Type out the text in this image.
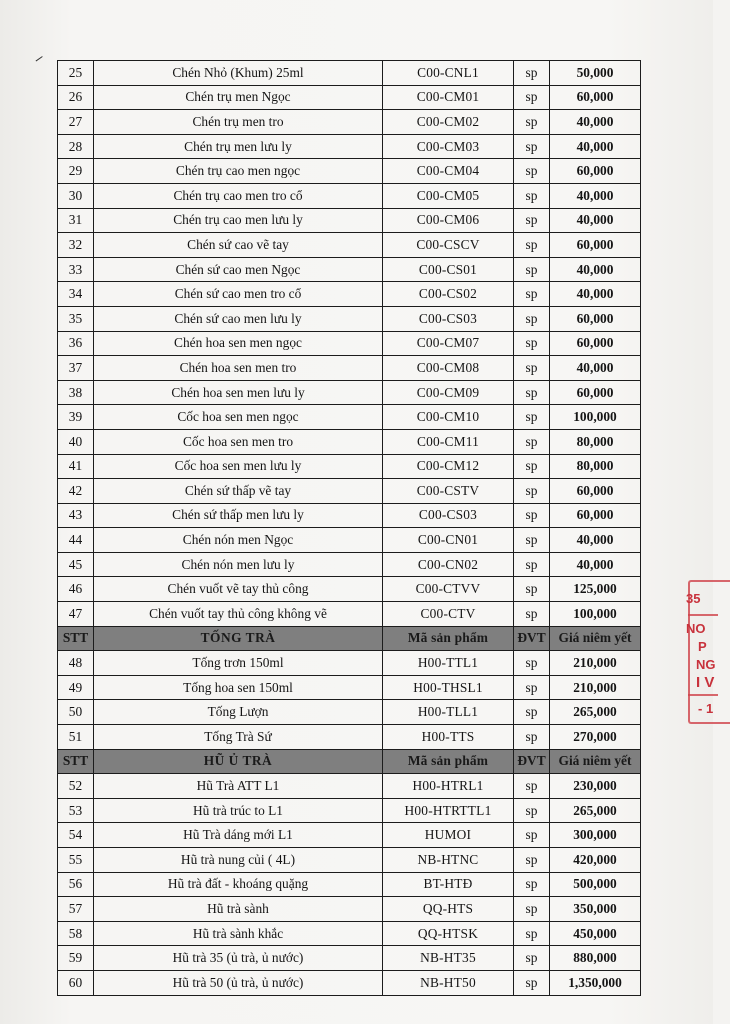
25	Chén Nhỏ (Khum) 25ml	C00-CNL1	sp	50,000
26	Chén trụ men Ngọc	C00-CM01	sp	60,000
27	Chén trụ men tro	C00-CM02	sp	40,000
28	Chén trụ men lưu ly	C00-CM03	sp	40,000
29	Chén trụ cao men ngọc	C00-CM04	sp	60,000
30	Chén trụ cao men tro cổ	C00-CM05	sp	40,000
31	Chén trụ cao men lưu ly	C00-CM06	sp	40,000
32	Chén sứ cao vẽ tay	C00-CSCV	sp	60,000
33	Chén sứ cao men Ngọc	C00-CS01	sp	40,000
34	Chén sứ cao men tro cổ	C00-CS02	sp	40,000
35	Chén sứ cao men lưu ly	C00-CS03	sp	60,000
36	Chén hoa sen men ngọc	C00-CM07	sp	60,000
37	Chén hoa sen men tro	C00-CM08	sp	40,000
38	Chén hoa sen men lưu ly	C00-CM09	sp	60,000
39	Cốc hoa sen men ngọc	C00-CM10	sp	100,000
40	Cốc hoa sen men tro	C00-CM11	sp	80,000
41	Cốc hoa sen men lưu ly	C00-CM12	sp	80,000
42	Chén sứ thấp vẽ tay	C00-CSTV	sp	60,000
43	Chén sứ thấp men lưu ly	C00-CS03	sp	60,000
44	Chén nón men Ngọc	C00-CN01	sp	40,000
45	Chén nón men lưu ly	C00-CN02	sp	40,000
46	Chén vuốt vẽ tay thủ công	C00-CTVV	sp	125,000
47	Chén vuốt tay thủ công không vẽ	C00-CTV	sp	100,000
STT	TỐNG TRÀ	Mã sản phẩm	ĐVT	Giá niêm yết
48	Tống trơn 150ml	H00-TTL1	sp	210,000
49	Tống hoa sen 150ml	H00-THSL1	sp	210,000
50	Tống Lượn	H00-TLL1	sp	265,000
51	Tống Trà Sứ	H00-TTS	sp	270,000
STT	HŨ Ủ TRÀ	Mã sản phẩm	ĐVT	Giá niêm yết
52	Hũ Trà ATT L1	H00-HTRL1	sp	230,000
53	Hũ trà trúc to L1	H00-HTRTTL1	sp	265,000
54	Hũ Trà dáng mới L1	HUMOI	sp	300,000
55	Hũ trà nung củi ( 4L)	NB-HTNC	sp	420,000
56	Hũ trà đất - khoáng quặng	BT-HTĐ	sp	500,000
57	Hũ trà sành	QQ-HTS	sp	350,000
58	Hũ trà sành khắc	QQ-HTSK	sp	450,000
59	Hũ trà 35 (ủ trà, ủ nước)	NB-HT35	sp	880,000
60	Hũ trà 50 (ủ trà, ủ nước)	NB-HT50	sp	1,350,000
35
NO
P
NG
I V
- 1
